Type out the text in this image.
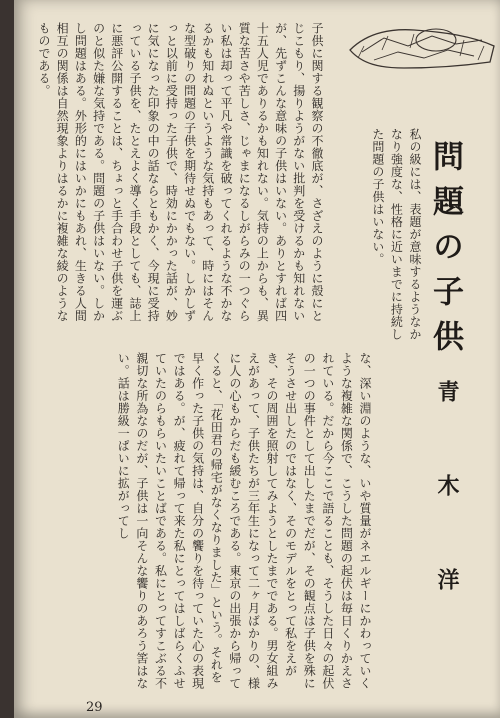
問題の子供
青木洋
私の級には、表題が意味するようなかなり強度な、性格に近いまでに持続した問題の子供はいない。
子供に関する観察の不徹底が、さざえのように殻にとじこもり、揚りようがない批判を受けるかも知れないが、先ずこんな意味の子供はいない。ありとすれば四十五人児でありるかも知れない。気持の上からも、異質な苦さや苦しさ、じゃまになるしがらみの一つぐらい私は却って平凡や常識を破ってくれるような不かなるかも知れぬというような気持もあって、時にはそんな型破りの問題の子供を期待せぬでもない。しかしずっと以前に受持った子供で、時効にかかった話が、妙に気になった印象の中の話ならともかく、今現に受持っている子供を、たとえよく導く手段としても、誌上に悪評公開することは、ちょっと手合わせ子供を運ぶのと似た嫌な気持である。問題の子供はいない。しかし問題はある。外形的にはいかにもあれ、生きる人間相互の関係は自然現象よりはるかに複雑な綾のようなものである。
な、深い淵のような、いや質量がネエルギーにかわっていくような複雑な関係で、こうした問題の起伏は毎日くりかえされている。だから今ここで語ることも、そうした日々の起伏の一つの事件として出したまでだが、その観点は子供を殊にそうさせ出したのではなく、そのモデルをとって私をえがき、その周囲を照射してみようとしたまでである。男女組みえがあって、子供たちが三年生になって二ヶ月ばかりの、様に人の心もからだも緩むころである。東京の出張から帰ってくると、「花田君の帰宅がなくなりました」という。それを早く作った子供の気持は、自分の饗りを待っていた心の表現ではある。が、疲れて帰って来た私にとってはしばらくふせていたのらもらいたいことばである。私にとってすこぶる不親切な所為なのだが、子供は一向そんな饗りのあろう筈はない。話は勝級一ぱいに拡がってし
29
